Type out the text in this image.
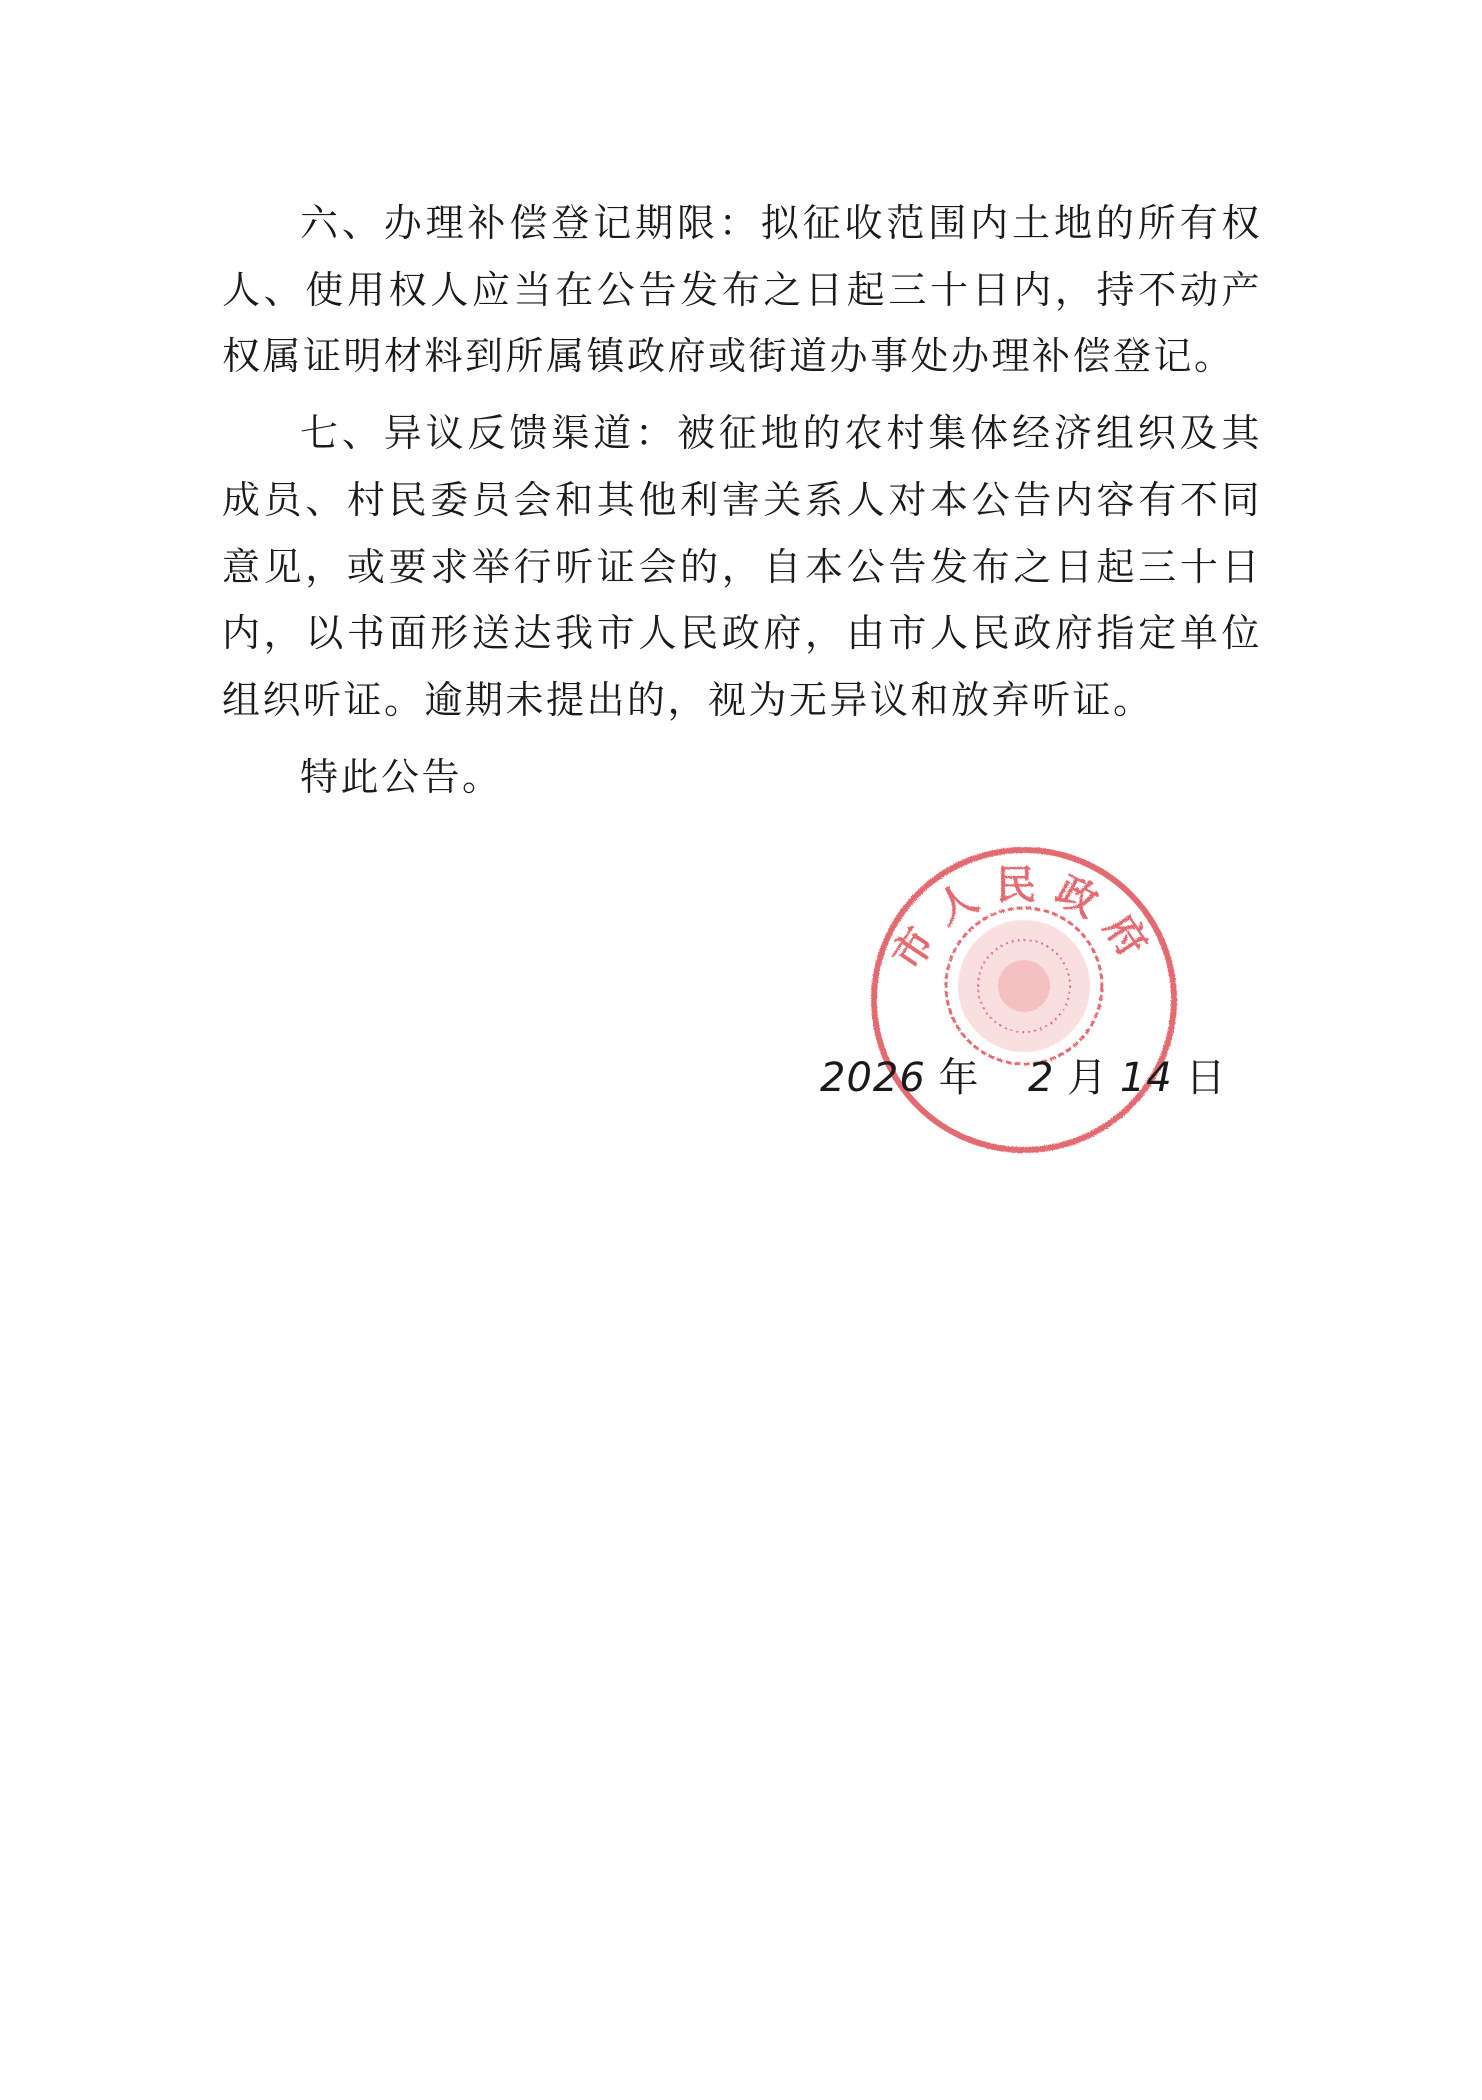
六、办理补偿登记期限：拟征收范围内土地的所有权人、使用权人应当在公告发布之日起三十日内，持不动产权属证明材料到所属镇政府或街道办事处办理补偿登记。

七、异议反馈渠道：被征地的农村集体经济组织及其成员、村民委员会和其他利害关系人对本公告内容有不同意见，或要求举行听证会的，自本公告发布之日起三十日内，以书面形送达我市人民政府，由市人民政府指定单位组织听证。逾期未提出的，视为无异议和放弃听证。

特此公告。

市人民政府
2026 年 2 月 14 日
